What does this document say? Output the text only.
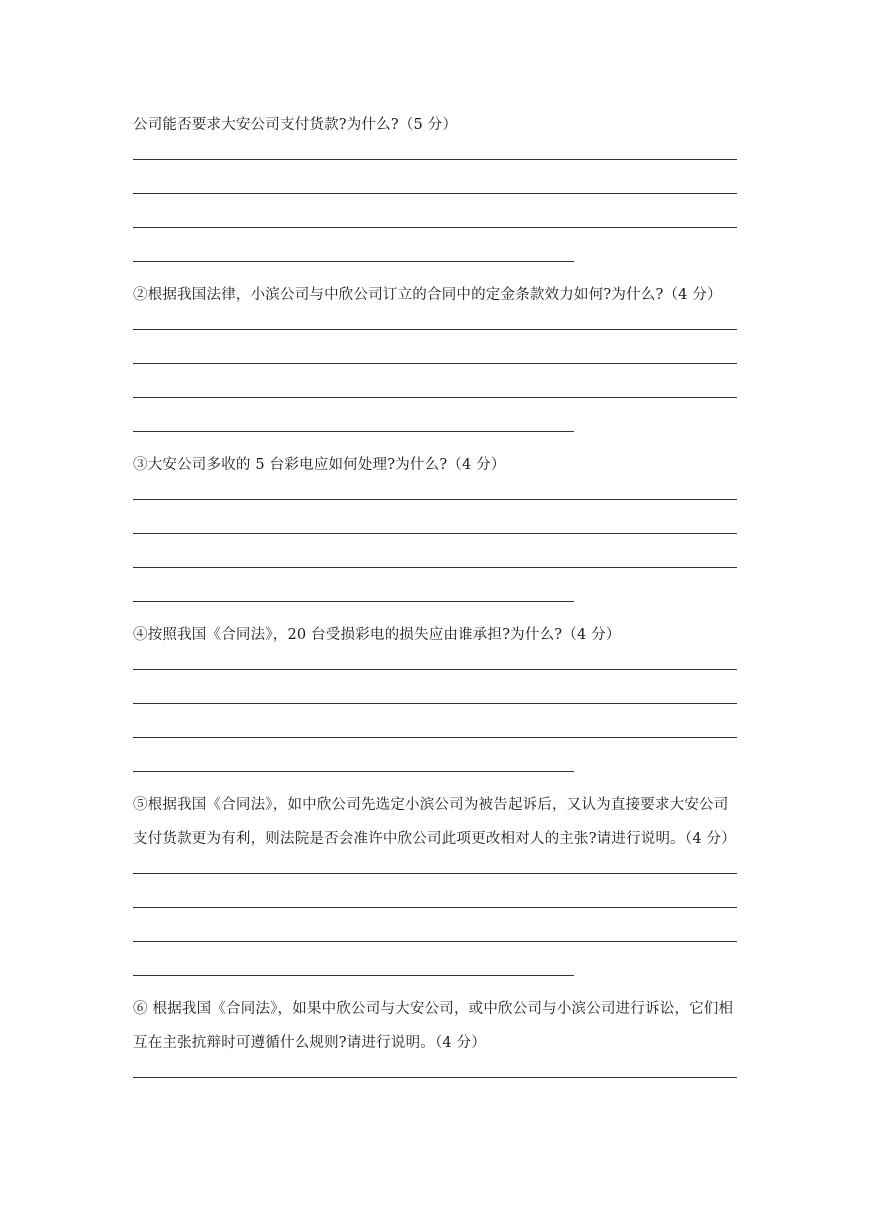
公司能否要求大安公司支付货款?为什么?（5 分）
②根据我国法律，小滨公司与中欣公司订立的合同中的定金条款效力如何?为什么?（4 分）
③大安公司多收的 5 台彩电应如何处理?为什么?（4 分）
④按照我国《合同法》，20 台受损彩电的损失应由谁承担?为什么?（4 分）
⑤根据我国《合同法》，如中欣公司先选定小滨公司为被告起诉后，又认为直接要求大安公司支付货款更为有利，则法院是否会准许中欣公司此项更改相对人的主张?请进行说明。（4 分）
⑥ 根据我国《合同法》，如果中欣公司与大安公司，或中欣公司与小滨公司进行诉讼，它们相互在主张抗辩时可遵循什么规则?请进行说明。（4 分）
